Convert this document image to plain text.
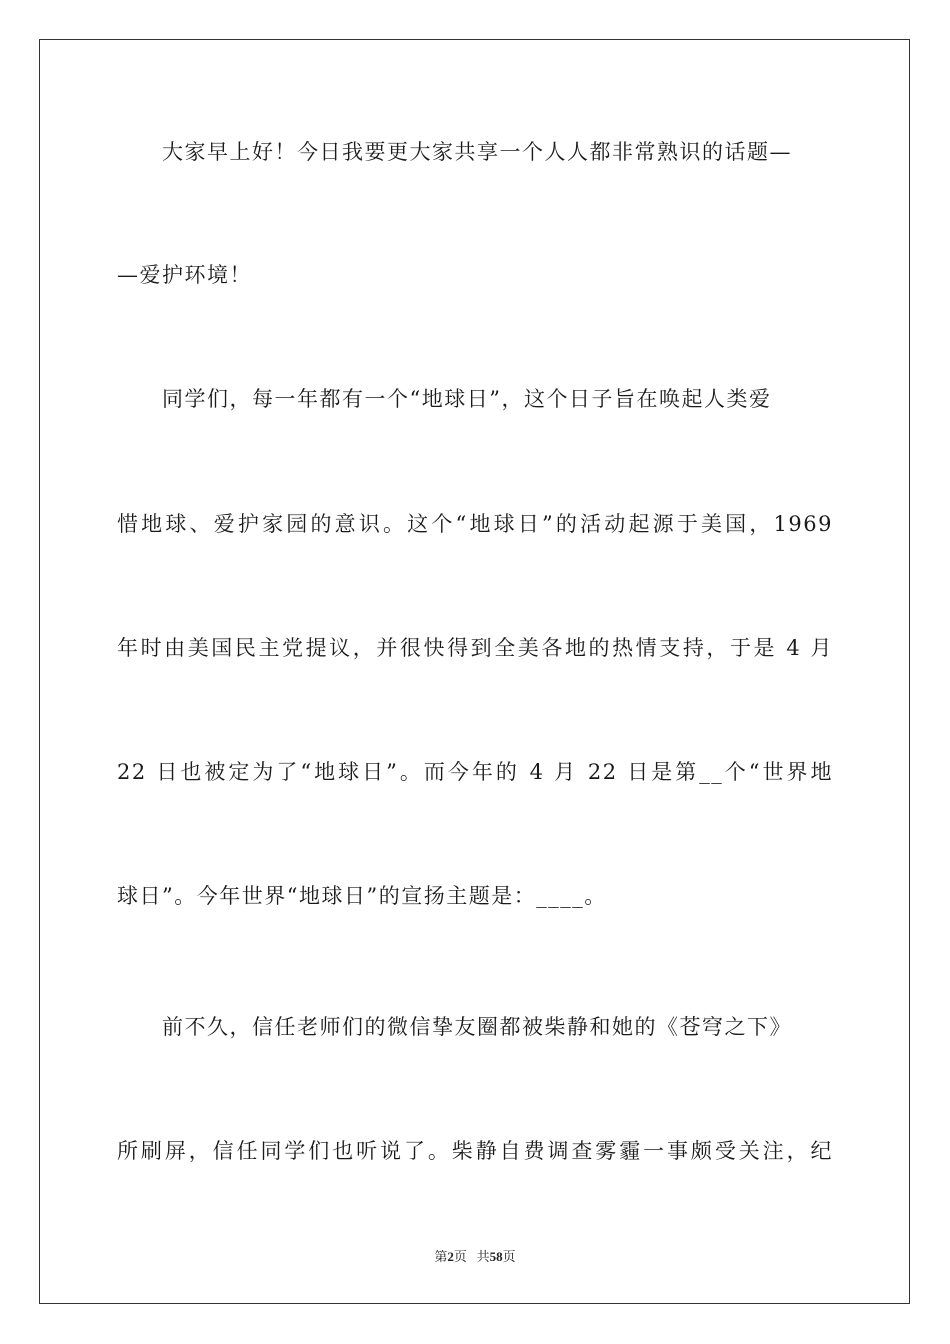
大家早上好！今日我要更大家共享一个人人都非常熟识的话题—
—爱护环境！
同学们，每一年都有一个“地球日”，这个日子旨在唤起人类爱
惜地球、爱护家园的意识。这个“地球日”的活动起源于美国，1969
年时由美国民主党提议，并很快得到全美各地的热情支持，于是 4 月
22 日也被定为了“地球日”。而今年的 4 月 22 日是第__个“世界地
球日”。今年世界“地球日”的宣扬主题是：____。
前不久，信任老师们的微信挚友圈都被柴静和她的《苍穹之下》
所刷屏，信任同学们也听说了。柴静自费调查雾霾一事颇受关注，纪
第2页 共58页
